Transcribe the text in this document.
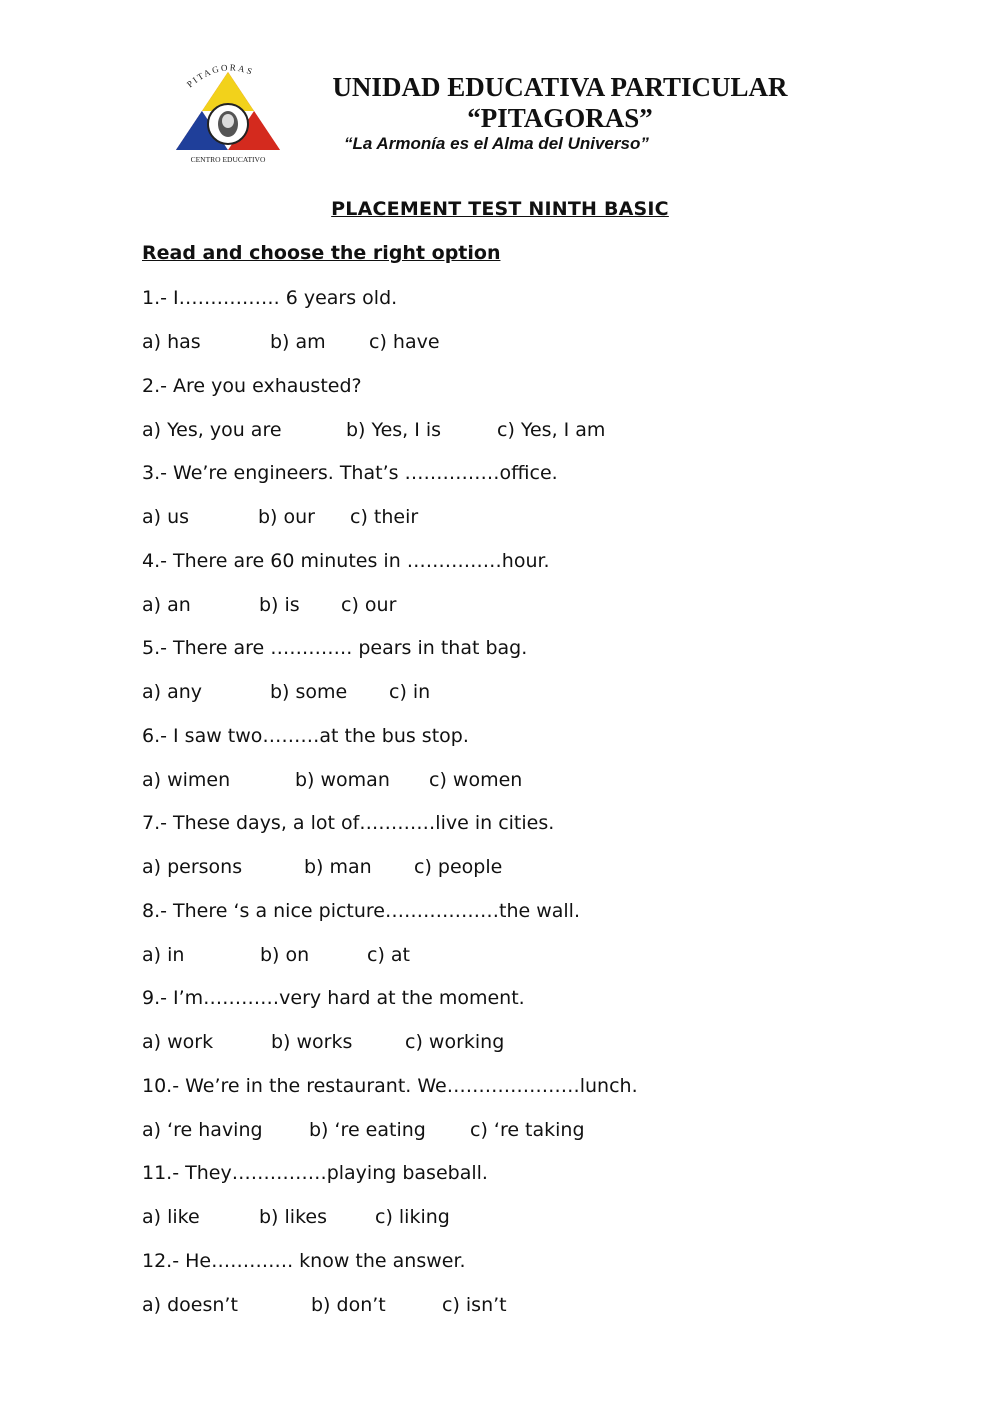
PITAGORAS
CENTRO EDUCATIVO
UNIDAD EDUCATIVA PARTICULAR
“PITAGORAS”
“La Armonía es el Alma del Universo”
PLACEMENT TEST NINTH BASIC

Read and choose the right option

1.- I……………. 6 years old.
a) has	b) am c) have
2.- Are you exhausted?
a) Yes, you are	b) Yes, I is	c) Yes, I am
3.- We’re engineers. That’s ……………office.
a) us	b) our c) their
4.- There are 60 minutes in ……………hour.
a) an	b) is c) our
5.- There are …………. pears in that bag.
a) any	b) some c) in
6.- I saw two………at the bus stop.
a) wimen	b) woman c) women
7.- These days, a lot of…………live in cities.
a) persons	b) man c) people
8.- There ‘s a nice picture………………the wall.
a) in	b) on	c) at
9.- I’m…………very hard at the moment.
a) work	b) works	c) working
10.- We’re in the restaurant. We…………………lunch.
a) ‘re having b) ‘re eating c) ‘re taking
11.- They……………playing baseball.
a) like	b) likes	c) liking
12.- He…………. know the answer.
a) doesn’t	b) don’t	c) isn’t
